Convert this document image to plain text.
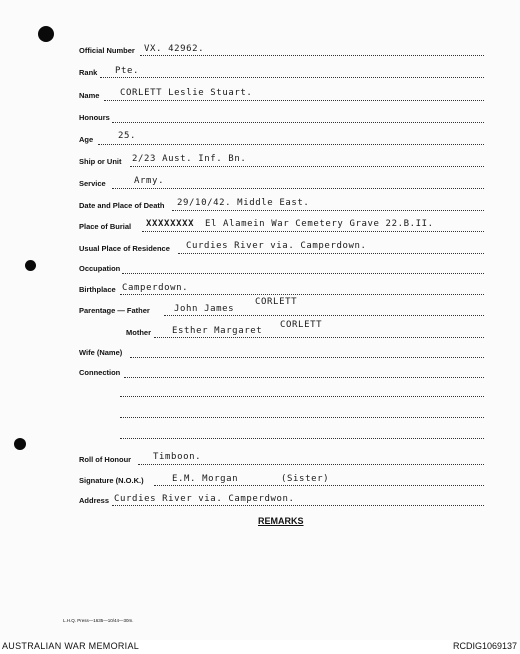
Official Number VX. 42962.
Rank Pte.
Name CORLETT Leslie Stuart.
Honours
Age	25.
Ship or Unit 2/23 Aust. Inf. Bn.
Service	Army.
Date and Place of Death 29/10/42. Middle East.
Place of Burial XXXXXXXX El Alamein War Cemetery Grave 22.B.II.
Usual Place of Residence Curdies River via. Camperdown.
Occupation
Birthplace Camperdown.
Parentage — Father	John James
CORLETT
Mother Esther Margaret
CORLETT
Wife (Name)
Connection
Roll of Honour Timboon.
Signature (N.O.K.)	E.M. Morgan	(Sister)
Address Curdies River via. Camperdwon.
REMARKS
L.H.Q. Press—1635—10/44—30m.
AUSTRALIAN WAR MEMORIAL	RCDIG1069137
